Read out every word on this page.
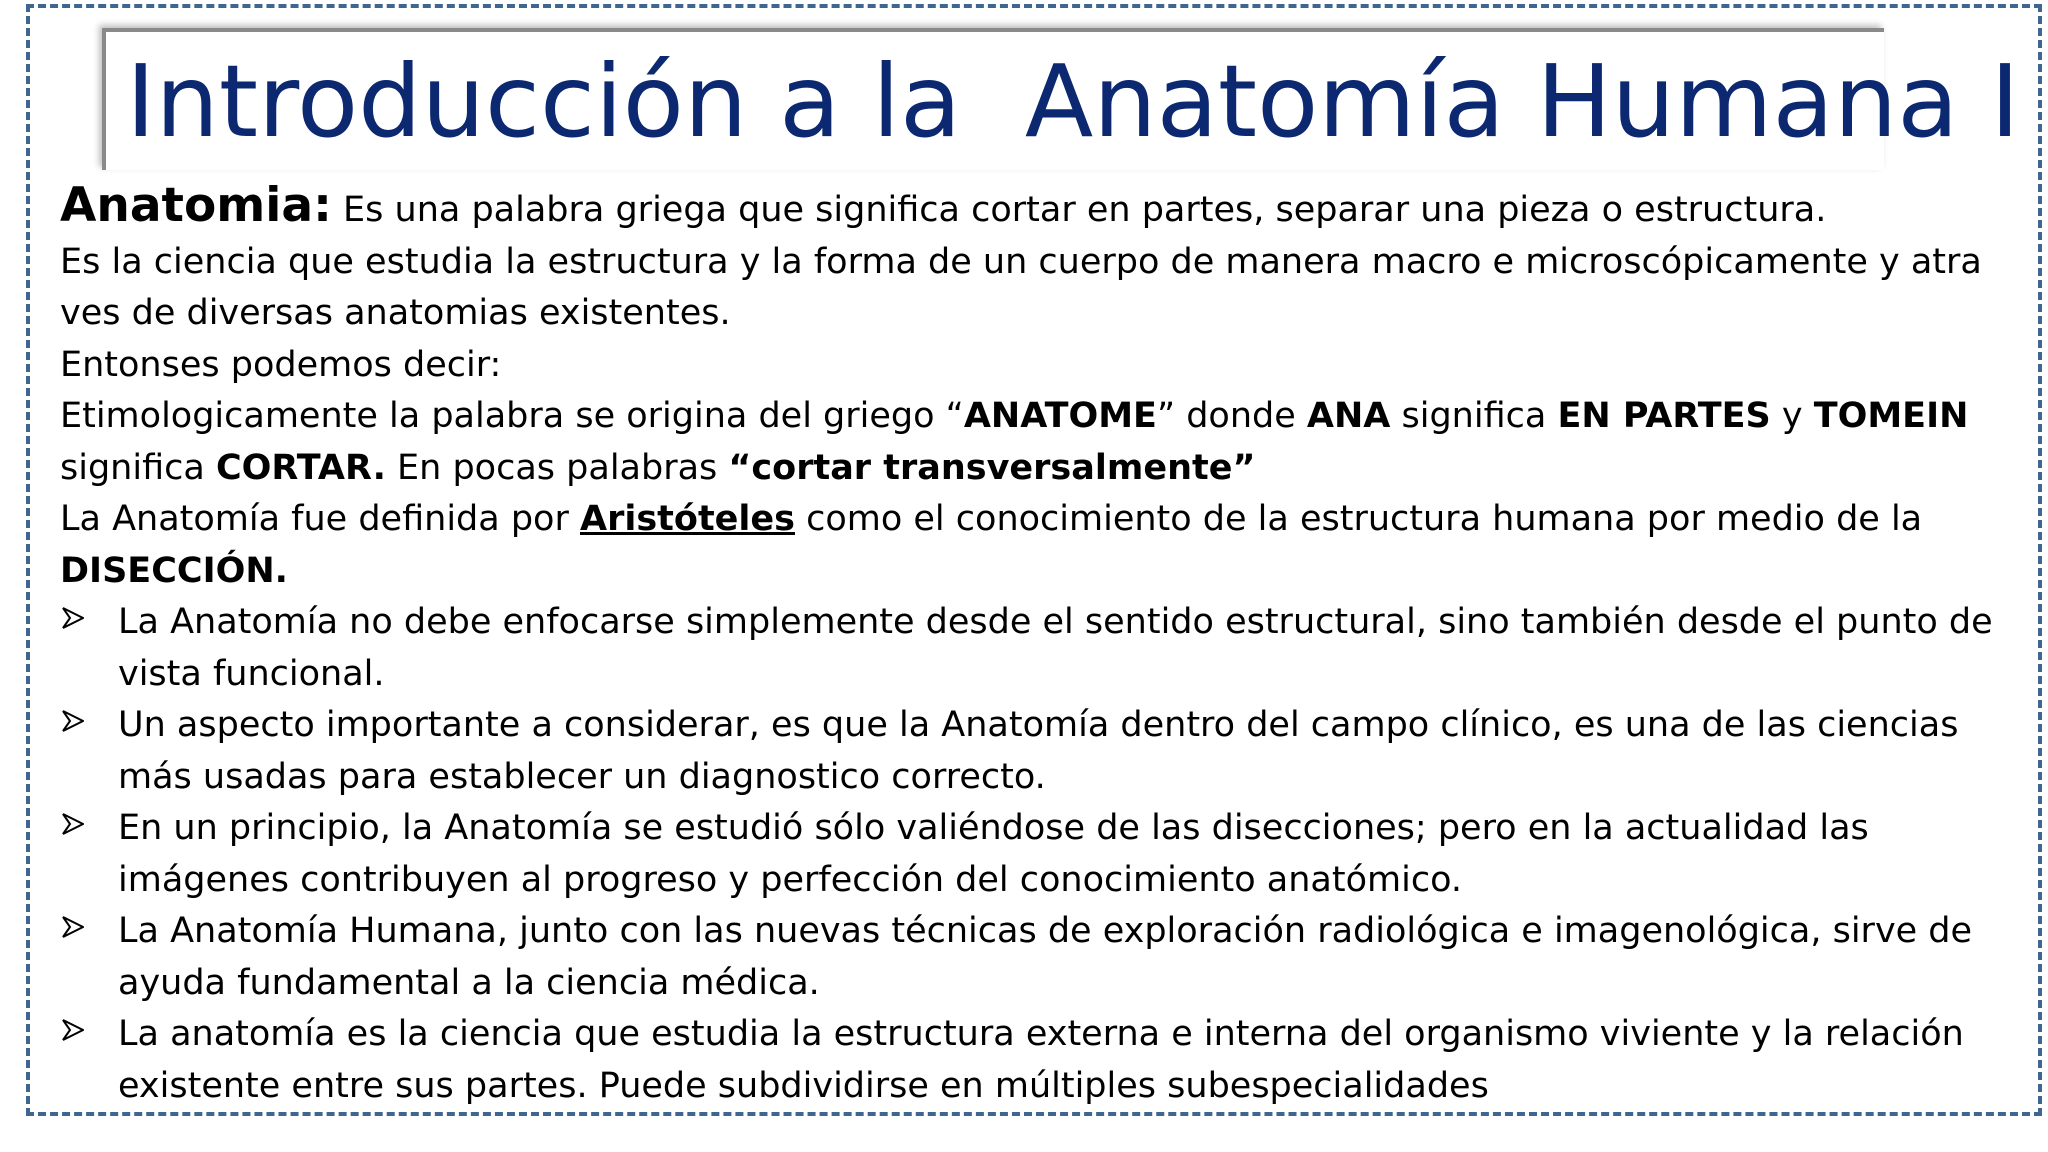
Introducción a la  Anatomía Humana I

Anatomia: Es una palabra griega que significa cortar en partes, separar una pieza o estructura.

Es la ciencia que estudia la estructura y la forma de un cuerpo de manera macro e microscópicamente y atra ves de diversas anatomias existentes.

Entonses podemos decir:

Etimologicamente la palabra se origina del griego “ANATOME” donde ANA significa EN PARTES y TOMEIN significa CORTAR. En pocas palabras “cortar transversalmente”

La Anatomía fue definida por Aristóteles como el conocimiento de la estructura humana por medio de la DISECCIÓN.

La Anatomía no debe enfocarse simplemente desde el sentido estructural, sino también desde el punto de vista funcional.
Un aspecto importante a considerar, es que la Anatomía dentro del campo clínico, es una de las ciencias más usadas para establecer un diagnostico correcto.
En un principio, la Anatomía se estudió sólo valiéndose de las disecciones; pero en la actualidad las imágenes contribuyen al progreso y perfección del conocimiento anatómico.
La Anatomía Humana, junto con las nuevas técnicas de exploración radiológica e imagenológica, sirve de ayuda fundamental a la ciencia médica.
La anatomía es la ciencia que estudia la estructura externa e interna del organismo viviente y la relación existente entre sus partes. Puede subdividirse en múltiples subespecialidades
